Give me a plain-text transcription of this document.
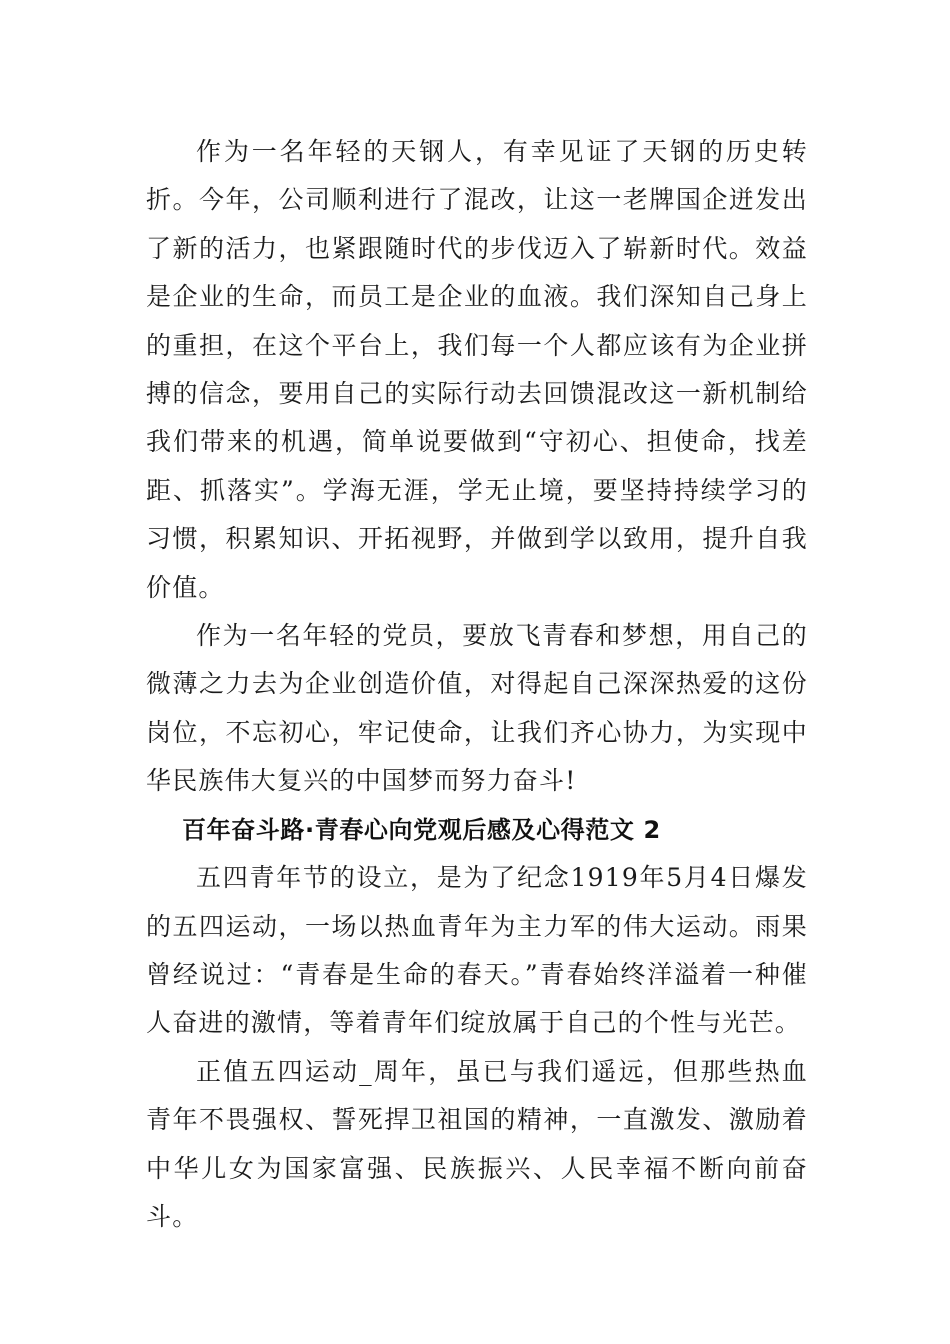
作为一名年轻的天钢人，有幸见证了天钢的历史转折。今年，公司顺利进行了混改，让这一老牌国企迸发出了新的活力，也紧跟随时代的步伐迈入了崭新时代。效益是企业的生命，而员工是企业的血液。我们深知自己身上的重担，在这个平台上，我们每一个人都应该有为企业拼搏的信念，要用自己的实际行动去回馈混改这一新机制给我们带来的机遇，简单说要做到“守初心、担使命，找差距、抓落实”。学海无涯，学无止境，要坚持持续学习的习惯，积累知识、开拓视野，并做到学以致用，提升自我价值。

作为一名年轻的党员，要放飞青春和梦想，用自己的微薄之力去为企业创造价值，对得起自己深深热爱的这份岗位，不忘初心，牢记使命，让我们齐心协力，为实现中华民族伟大复兴的中国梦而努力奋斗!

百年奋斗路·青春心向党观后感及心得范文 2

五四青年节的设立，是为了纪念1919年5月4日爆发的五四运动，一场以热血青年为主力军的伟大运动。雨果曾经说过：“青春是生命的春天。”青春始终洋溢着一种催人奋进的激情，等着青年们绽放属于自己的个性与光芒。

正值五四运动_周年，虽已与我们遥远，但那些热血青年不畏强权、誓死捍卫祖国的精神，一直激发、激励着中华儿女为国家富强、民族振兴、人民幸福不断向前奋斗。
